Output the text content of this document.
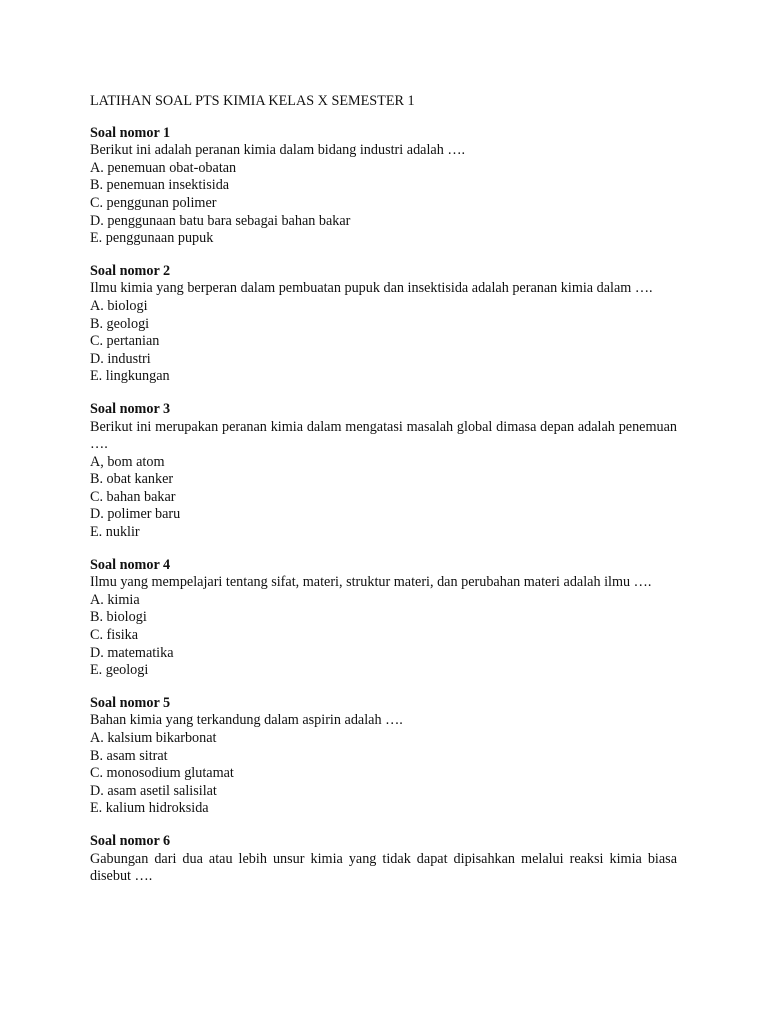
LATIHAN SOAL PTS KIMIA KELAS X SEMESTER 1

Soal nomor 1

Berikut ini adalah peranan kimia dalam bidang industri adalah ….

A. penemuan obat-obatan

B. penemuan insektisida

C. penggunan polimer

D. penggunaan batu bara sebagai bahan bakar

E. penggunaan pupuk

Soal nomor 2

Ilmu kimia yang berperan dalam pembuatan pupuk dan insektisida adalah peranan kimia dalam ….

A. biologi

B. geologi

C. pertanian

D. industri

E. lingkungan

Soal nomor 3

Berikut ini merupakan peranan kimia dalam mengatasi masalah global dimasa depan adalah penemuan ….

A, bom atom

B. obat kanker

C. bahan bakar

D. polimer baru

E. nuklir

Soal nomor 4

Ilmu yang mempelajari tentang sifat, materi, struktur materi, dan perubahan materi adalah ilmu ….

A. kimia

B. biologi

C. fisika

D. matematika

E. geologi

Soal nomor 5

Bahan kimia yang terkandung dalam aspirin adalah ….

A. kalsium bikarbonat

B. asam sitrat

C. monosodium glutamat

D. asam asetil salisilat

E. kalium hidroksida

Soal nomor 6

Gabungan dari dua atau lebih unsur kimia yang tidak dapat dipisahkan melalui reaksi kimia biasa disebut ….
